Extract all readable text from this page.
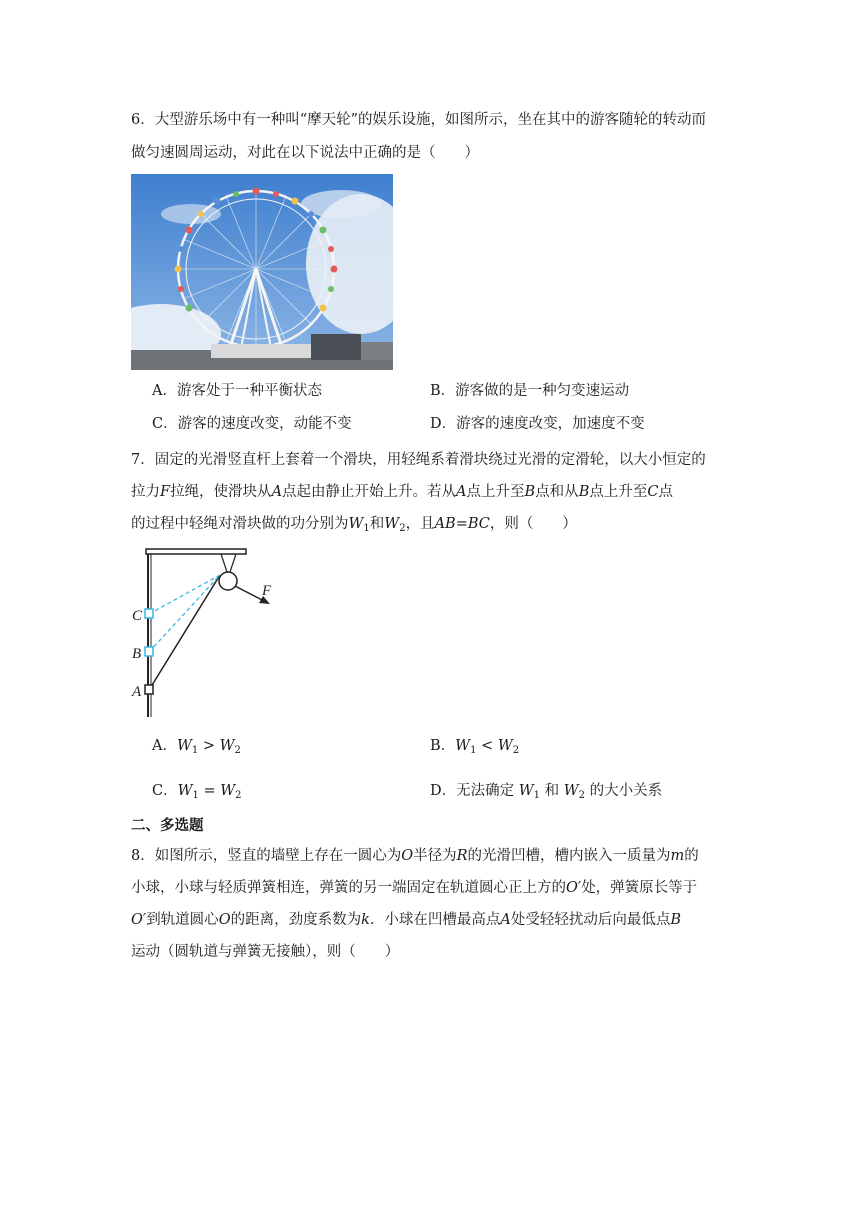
6．大型游乐场中有一种叫“摩天轮”的娱乐设施，如图所示，坐在其中的游客随轮的转动而
做匀速圆周运动，对此在以下说法中正确的是（　　）
A．游客处于一种平衡状态	B．游客做的是一种匀变速运动
C．游客的速度改变，动能不变	D．游客的速度改变，加速度不变
7．固定的光滑竖直杆上套着一个滑块，用轻绳系着滑块绕过光滑的定滑轮，以大小恒定的
拉力F拉绳，使滑块从A点起由静止开始上升。若从A点上升至B点和从B点上升至C点
的过程中轻绳对滑块做的功分别为$W_1$和$W_2$，且AB=BC，则（　　）
F
C
B
A
A．$W_1 > W_2$	B．$W_1 < W_2$
C．$W_1 = W_2$	D．无法确定 $W_1$ 和 $W_2$ 的大小关系
二、多选题
8．如图所示，竖直的墙壁上存在一圆心为O半径为R的光滑凹槽，槽内嵌入一质量为m的
小球，小球与轻质弹簧相连，弹簧的另一端固定在轨道圆心正上方的O′处，弹簧原长等于
O′到轨道圆心O的距离，劲度系数为k．小球在凹槽最高点A处受轻轻扰动后向最低点B
运动（圆轨道与弹簧无接触），则（　　）
